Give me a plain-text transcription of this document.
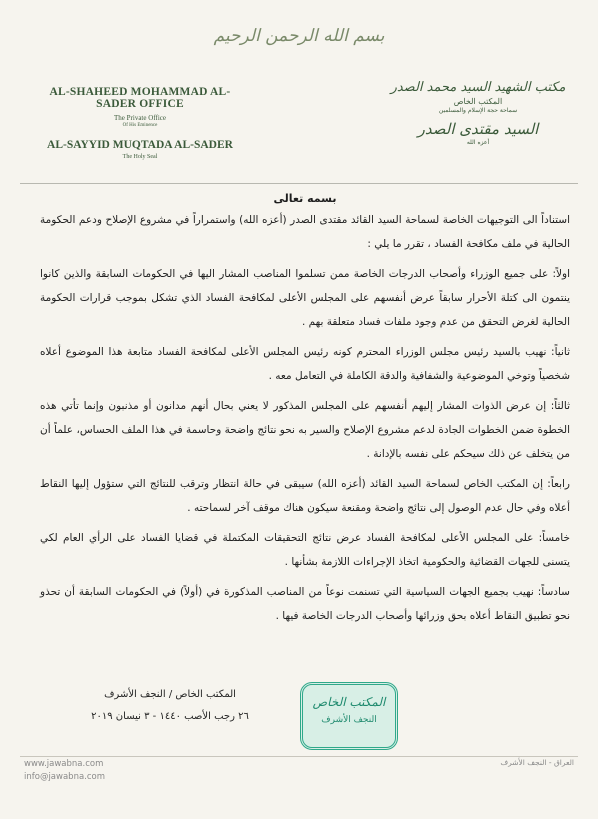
بسم الله الرحمن الرحيم
AL-SHAHEED MOHAMMAD AL-SADER OFFICE
The Private Office
Of His Eminence
AL-SAYYID MUQTADA AL-SADER
The Holy Seal
مكتب الشهيد السيد محمد الصدر
المكتب الخاص
سماحة حجة الإسلام والمسلمين
السيد مقتدى الصدر
أعزه الله
بسمه تعالى

استناداً الى التوجيهات الخاصة لسماحة السيد القائد مقتدى الصدر (أعزه الله) واستمراراً في مشروع الإصلاح ودعم الحكومة الحالية في ملف مكافحة الفساد ، تقرر ما يلي :

اولاً: على جميع الوزراء وأصحاب الدرجات الخاصة ممن تسلموا المناصب المشار اليها في الحكومات السابقة والذين كانوا ينتمون الى كتلة الأحرار سابقاً عرض أنفسهم على المجلس الأعلى لمكافحة الفساد الذي تشكل بموجب قرارات الحكومة الحالية لغرض التحقق من عدم وجود ملفات فساد متعلقة بهم .

ثانياً: نهيب بالسيد رئيس مجلس الوزراء المحترم كونه رئيس المجلس الأعلى لمكافحة الفساد متابعة هذا الموضوع أعلاه شخصياً وتوخي الموضوعية والشفافية والدقة الكاملة في التعامل معه .

ثالثاً: إن عرض الذوات المشار إليهم أنفسهم على المجلس المذكور لا يعني بحال أنهم مدانون أو مذنبون وإنما تأتي هذه الخطوة ضمن الخطوات الجادة لدعم مشروع الإصلاح والسير به نحو نتائج واضحة وحاسمة في هذا الملف الحساس، علماً أن من يتخلف عن ذلك سيحكم على نفسه بالإدانة .

رابعاً: إن المكتب الخاص لسماحة السيد القائد (أعزه الله) سيبقى في حالة انتظار وترقب للنتائج التي ستؤول إليها النقاط أعلاه وفي حال عدم الوصول إلى نتائج واضحة ومقنعة سيكون هناك موقف آخر لسماحته .

خامساً: على المجلس الأعلى لمكافحة الفساد عرض نتائج التحقيقات المكتملة في قضايا الفساد على الرأي العام لكي يتسنى للجهات القضائية والحكومية اتخاذ الإجراءات اللازمة بشأنها .

سادساً: نهيب بجميع الجهات السياسية التي تسنمت نوعاً من المناصب المذكورة في (أولاً) في الحكومات السابقة أن تحذو نحو تطبيق النقاط أعلاه بحق وزرائها وأصحاب الدرجات الخاصة فيها .

المكتب الخاص / النجف الأشرف
٢٦ رجب الأصب ١٤٤٠ - ٣ نيسان ٢٠١٩
المكتب الخاص
النجف الأشرف
www.jawabna.com
info@jawabna.com
العراق - النجف الأشرف
